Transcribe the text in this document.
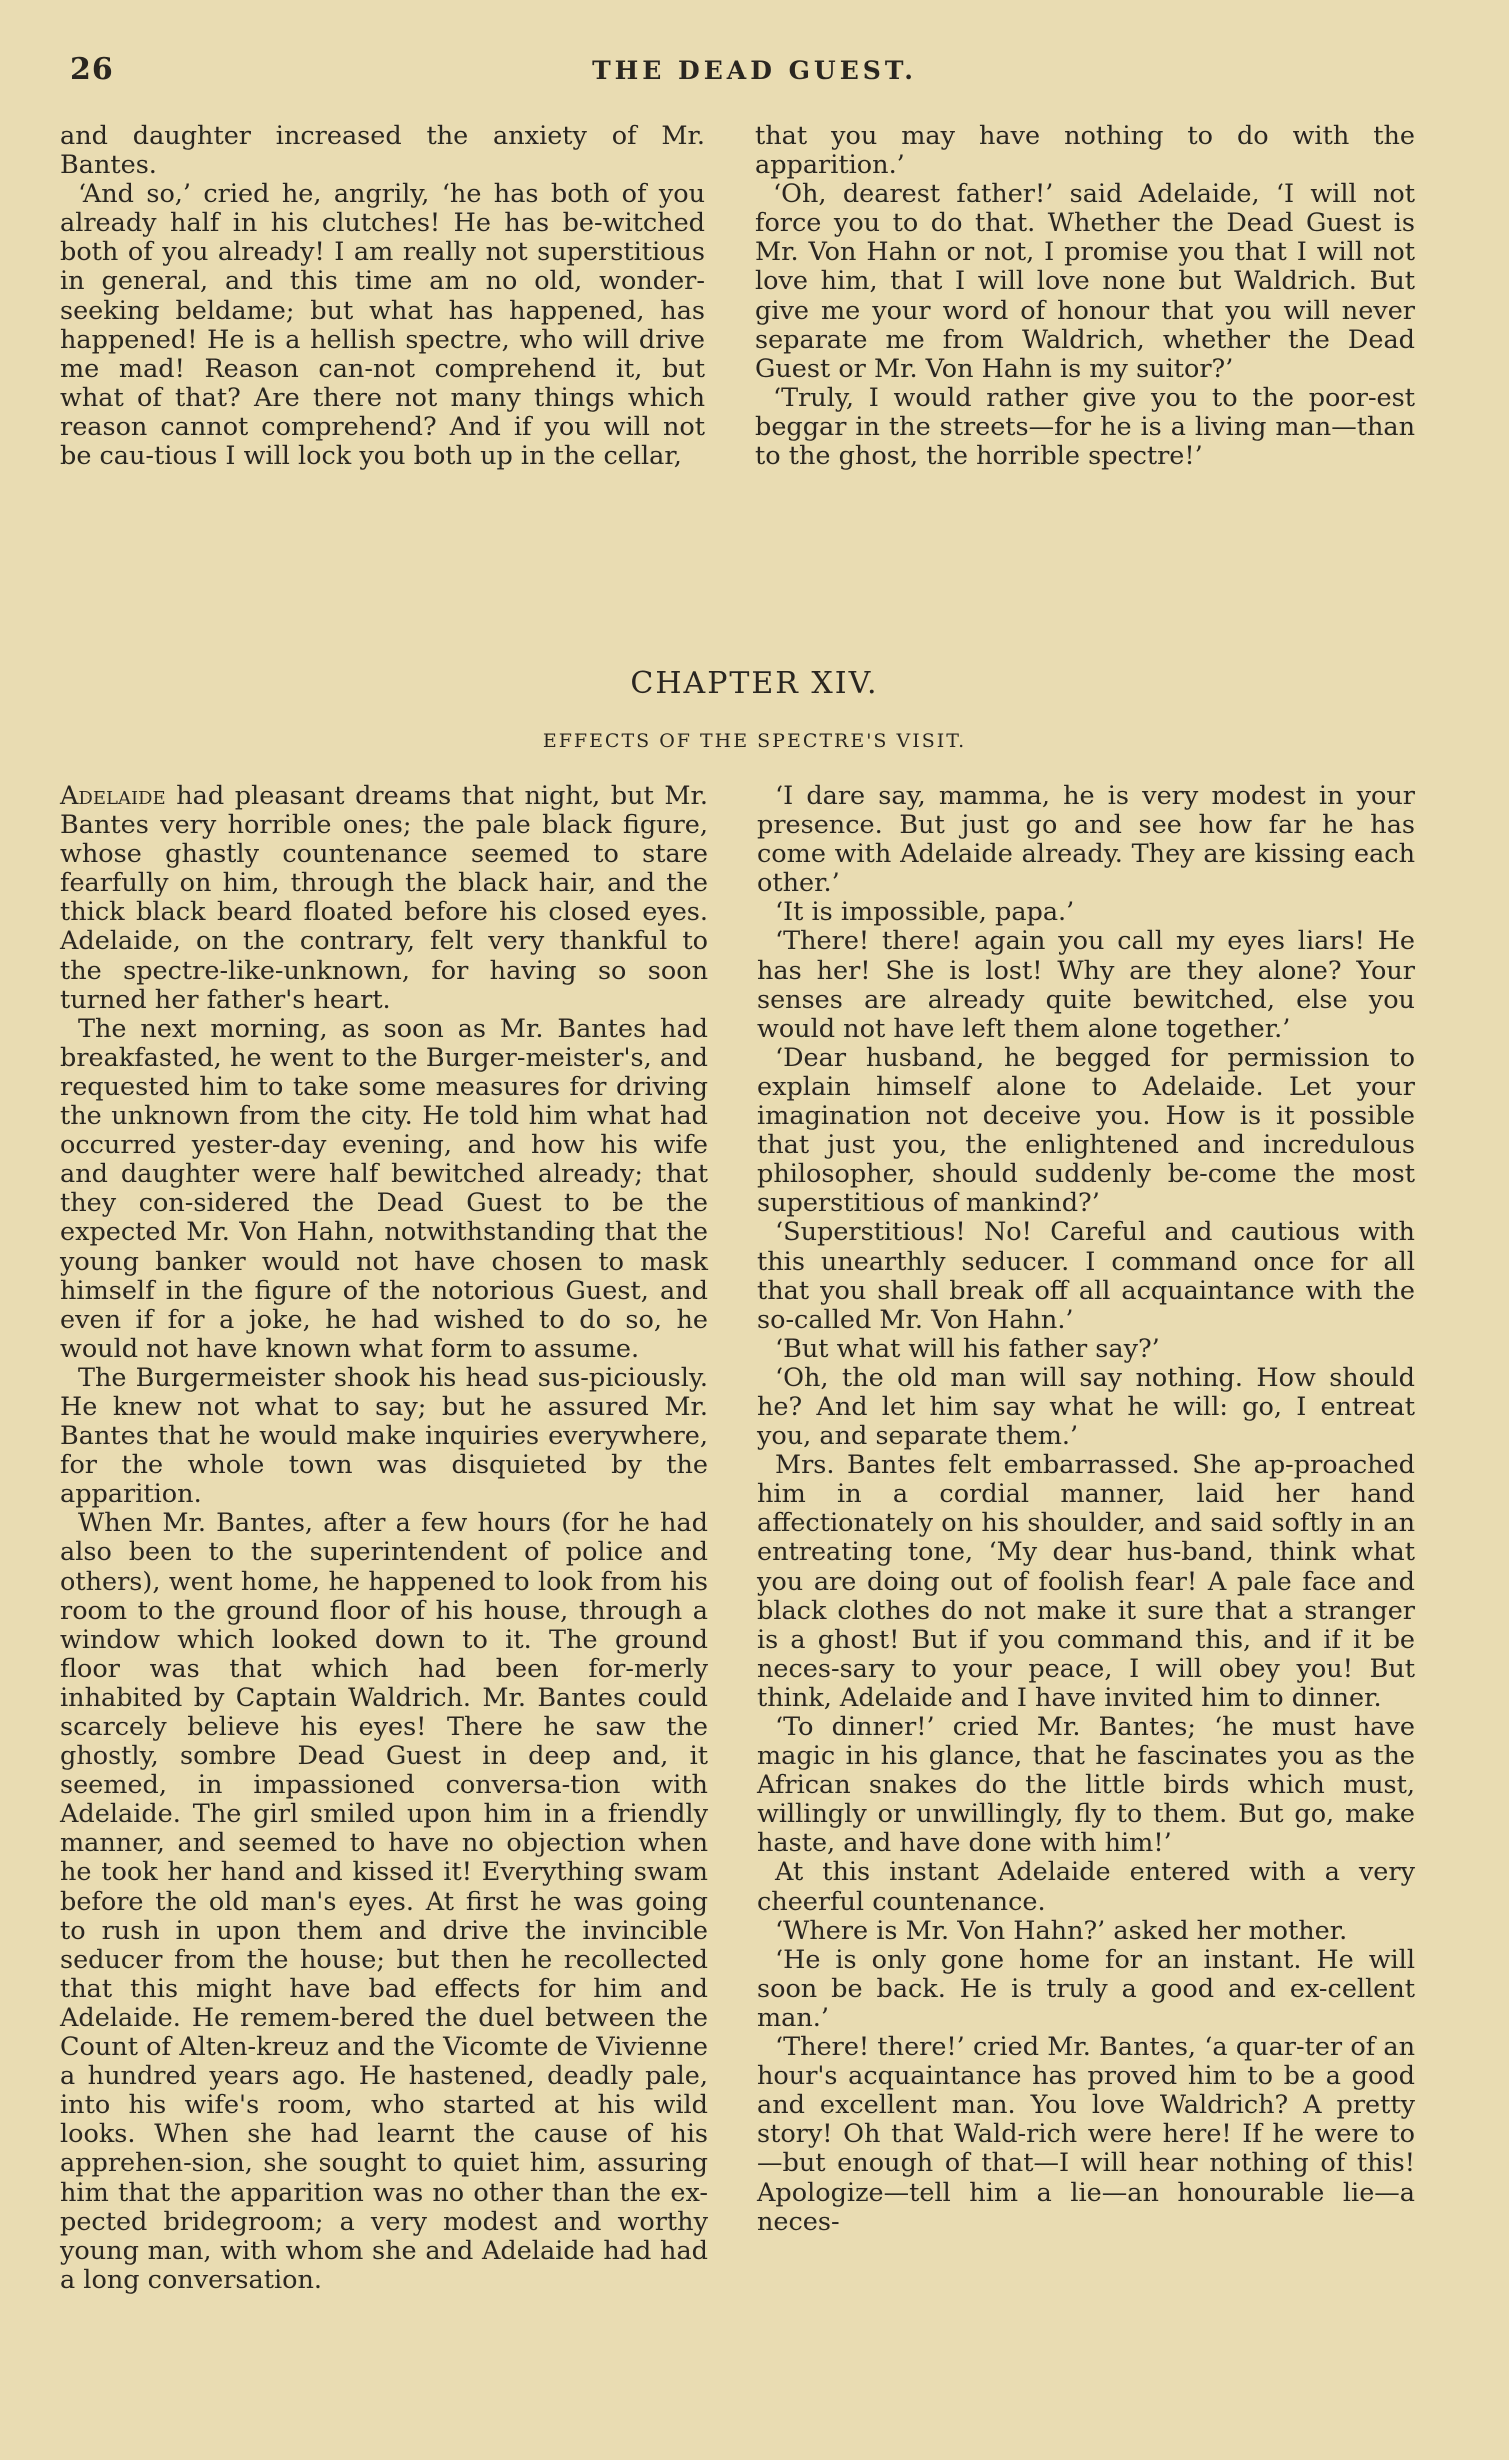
26	THE DEAD GUEST.

and daughter increased the anxiety of Mr. Bantes.

‘And so,’ cried he, angrily, ‘he has both of you already half in his clutches! He has be-witched both of you already! I am really not superstitious in general, and this time am no old, wonder-seeking beldame; but what has happened, has happened! He is a hellish spectre, who will drive me mad! Reason can-not comprehend it, but what of that? Are there not many things which reason cannot comprehend? And if you will not be cau-tious I will lock you both up in the cellar,

that you may have nothing to do with the apparition.’

‘Oh, dearest father!’ said Adelaide, ‘I will not force you to do that. Whether the Dead Guest is Mr. Von Hahn or not, I promise you that I will not love him, that I will love none but Waldrich. But give me your word of honour that you will never separate me from Waldrich, whether the Dead Guest or Mr. Von Hahn is my suitor?’

‘Truly, I would rather give you to the poor-est beggar in the streets—for he is a living man—than to the ghost, the horrible spectre!’

CHAPTER XIV.
EFFECTS OF THE SPECTRE'S VISIT.

Adelaide had pleasant dreams that night, but Mr. Bantes very horrible ones; the pale black figure, whose ghastly countenance seemed to stare fearfully on him, through the black hair, and the thick black beard floated before his closed eyes. Adelaide, on the contrary, felt very thankful to the spectre-like-unknown, for having so soon turned her father's heart.

The next morning, as soon as Mr. Bantes had breakfasted, he went to the Burger-meister's, and requested him to take some measures for driving the unknown from the city. He told him what had occurred yester-day evening, and how his wife and daughter were half bewitched already; that they con-sidered the Dead Guest to be the expected Mr. Von Hahn, notwithstanding that the young banker would not have chosen to mask himself in the figure of the notorious Guest, and even if for a joke, he had wished to do so, he would not have known what form to assume.

The Burgermeister shook his head sus-piciously. He knew not what to say; but he assured Mr. Bantes that he would make inquiries everywhere, for the whole town was disquieted by the apparition.

When Mr. Bantes, after a few hours (for he had also been to the superintendent of police and others), went home, he happened to look from his room to the ground floor of his house, through a window which looked down to it. The ground floor was that which had been for-merly inhabited by Captain Waldrich. Mr. Bantes could scarcely believe his eyes! There he saw the ghostly, sombre Dead Guest in deep and, it seemed, in impassioned conversa-tion with Adelaide. The girl smiled upon him in a friendly manner, and seemed to have no objection when he took her hand and kissed it! Everything swam before the old man's eyes. At first he was going to rush in upon them and drive the invincible seducer from the house; but then he recollected that this might have bad effects for him and Adelaide. He remem-bered the duel between the Count of Alten-kreuz and the Vicomte de Vivienne a hundred years ago. He hastened, deadly pale, into his wife's room, who started at his wild looks. When she had learnt the cause of his apprehen-sion, she sought to quiet him, assuring him that the apparition was no other than the ex-pected bridegroom; a very modest and worthy young man, with whom she and Adelaide had had a long conversation.

‘I dare say, mamma, he is very modest in your presence. But just go and see how far he has come with Adelaide already. They are kissing each other.’

‘It is impossible, papa.’

‘There! there! again you call my eyes liars! He has her! She is lost! Why are they alone? Your senses are already quite bewitched, else you would not have left them alone together.’

‘Dear husband, he begged for permission to explain himself alone to Adelaide. Let your imagination not deceive you. How is it possible that just you, the enlightened and incredulous philosopher, should suddenly be-come the most superstitious of mankind?’

‘Superstitious! No! Careful and cautious with this unearthly seducer. I command once for all that you shall break off all acquaintance with the so-called Mr. Von Hahn.’

‘But what will his father say?’

‘Oh, the old man will say nothing. How should he? And let him say what he will: go, I entreat you, and separate them.’

Mrs. Bantes felt embarrassed. She ap-proached him in a cordial manner, laid her hand affectionately on his shoulder, and said softly in an entreating tone, ‘My dear hus-band, think what you are doing out of foolish fear! A pale face and black clothes do not make it sure that a stranger is a ghost! But if you command this, and if it be neces-sary to your peace, I will obey you! But think, Adelaide and I have invited him to dinner.

‘To dinner!’ cried Mr. Bantes; ‘he must have magic in his glance, that he fascinates you as the African snakes do the little birds which must, willingly or unwillingly, fly to them. But go, make haste, and have done with him!’

At this instant Adelaide entered with a very cheerful countenance.

‘Where is Mr. Von Hahn?’ asked her mother.

‘He is only gone home for an instant. He will soon be back. He is truly a good and ex-cellent man.’

‘There! there!’ cried Mr. Bantes, ‘a quar-ter of an hour's acquaintance has proved him to be a good and excellent man. You love Waldrich? A pretty story! Oh that Wald-rich were here! If he were to—but enough of that—I will hear nothing of this! Apologize—tell him a lie—an honourable lie—a neces-
